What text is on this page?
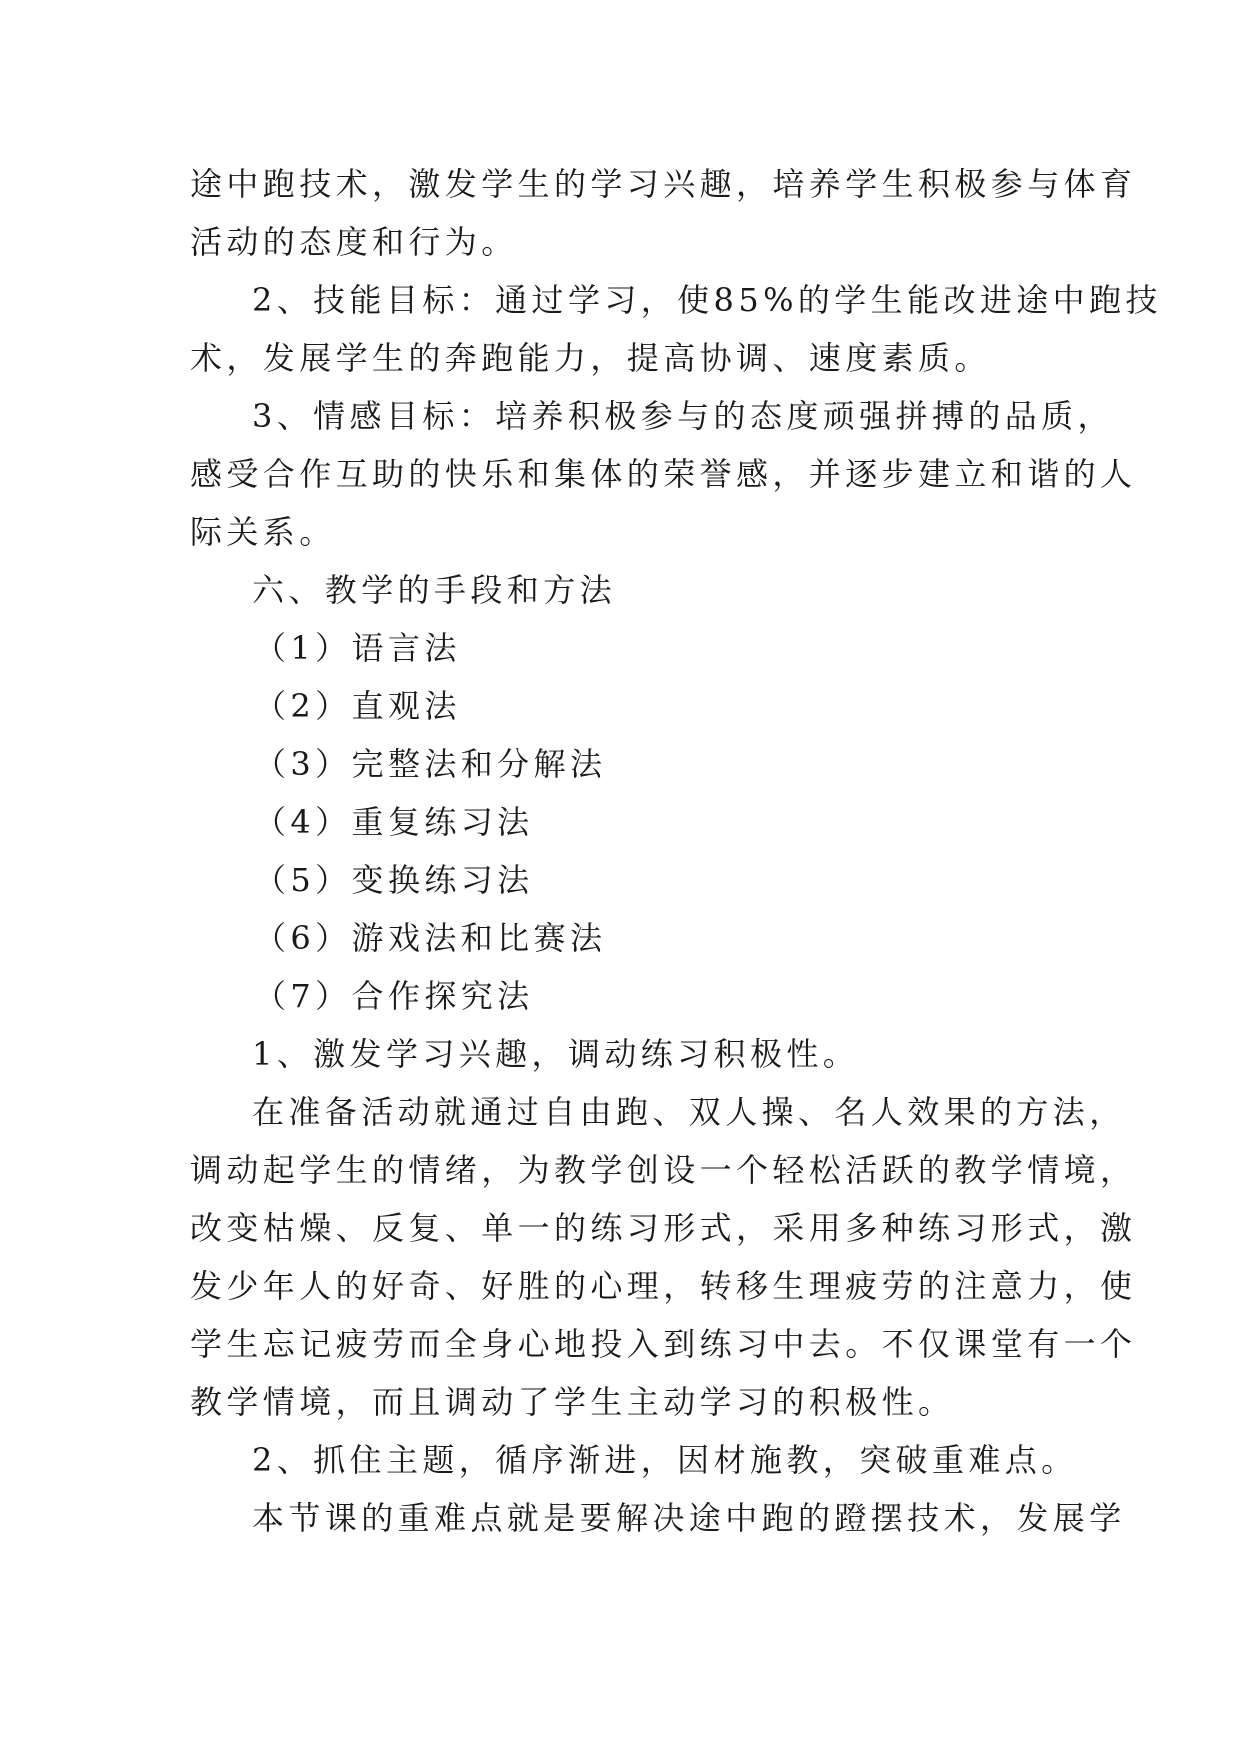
途中跑技术，激发学生的学习兴趣，培养学生积极参与体育
活动的态度和行为。
2、技能目标：通过学习，使85%的学生能改进途中跑技
术，发展学生的奔跑能力，提高协调、速度素质。
3、情感目标：培养积极参与的态度顽强拼搏的品质，
感受合作互助的快乐和集体的荣誉感，并逐步建立和谐的人
际关系。
六、教学的手段和方法
（1）语言法
（2）直观法
（3）完整法和分解法
（4）重复练习法
（5）变换练习法
（6）游戏法和比赛法
（7）合作探究法
1、激发学习兴趣，调动练习积极性。
在准备活动就通过自由跑、双人操、名人效果的方法，
调动起学生的情绪，为教学创设一个轻松活跃的教学情境，
改变枯燥、反复、单一的练习形式，采用多种练习形式，激
发少年人的好奇、好胜的心理，转移生理疲劳的注意力，使
学生忘记疲劳而全身心地投入到练习中去。不仅课堂有一个
教学情境，而且调动了学生主动学习的积极性。
2、抓住主题，循序渐进，因材施教，突破重难点。
本节课的重难点就是要解决途中跑的蹬摆技术，发展学
